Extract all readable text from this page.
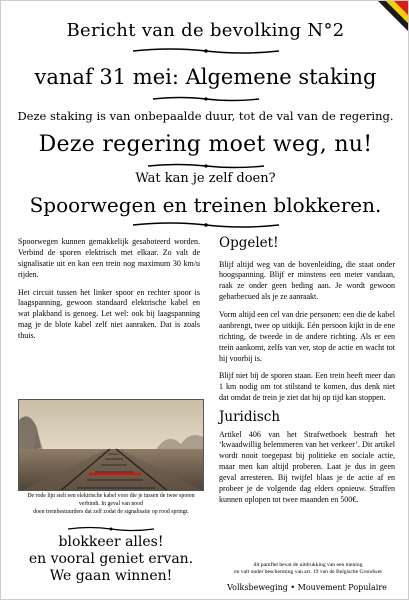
Bericht van de bevolking N°2
vanaf 31 mei: Algemene staking
Deze staking is van onbepaalde duur, tot de val van de regering.
Deze regering moet weg, nu!
Wat kan je zelf doen?
Spoorwegen en treinen blokkeren.

Spoorwegen kunnen gemakkelijk gesaboteerd worden. Verbind de sporen elektrisch met elkaar. Zo valt de signalisatie uit en kan een trein nog maximum 30 km/u rijden.

Het circuit tussen het linker spoor en rechter spoor is laagspanning, gewoon standaard elektrische kabel en wat plakband is genoeg. Let wel: ook bij laagspanning mag je de blote kabel zelf niet aanraken. Dat is zoals thuis.

De rode lijn stelt een elektrische kabel voor die je tussen de twee sporen verbindt. In geval van nood
doen treinbestuurders dat zelf zodat de signalisatie op rood springt.
blokkeer alles!
en vooral geniet ervan.
We gaan winnen!
Opgelet!

Blijf altijd weg van de bovenleiding, die staat onder hoogspanning. Blijf er minstens een meter vandaan, raak ze onder geen beding aan. Je wordt gewoon gebarbecued als je ze aanraakt.

Vorm altijd een cel van drie personen: een die de kabel aanbrengt, twee op uitkijk. Eén persoon kijkt in de ene richting, de tweede in de andere richting. Als er een trein aankomt, zelfs van ver, stop de actie en wacht tot hij voorbij is.

Blijf niet bij de sporen staan. Een trein heeft meer dan 1 km nodig om tot stilstand te komen, dus denk niet dat omdat de trein je ziet dat hij op tijd kan stoppen.

Juridisch

Artikel 406 van het Strafwetboek bestraft het ‘kwaadwillig belemmeren van het verkeer’. Dit artikel wordt nooit toegepast bij politieke en sociale actie, maar men kan altijd proberen. Laat je dus in geen geval arresteren. Bij twijfel blaas je de actie af en probeer je de volgende dag elders opnieuw. Straffen kunnen oplopen tot twee maanden en 500€.

dit pamflet bevat de uitdrukking van een mening
en valt onder bescherming van art. 19 van de Belgische Grondwet
Volksbeweging • Mouvement Populaire
